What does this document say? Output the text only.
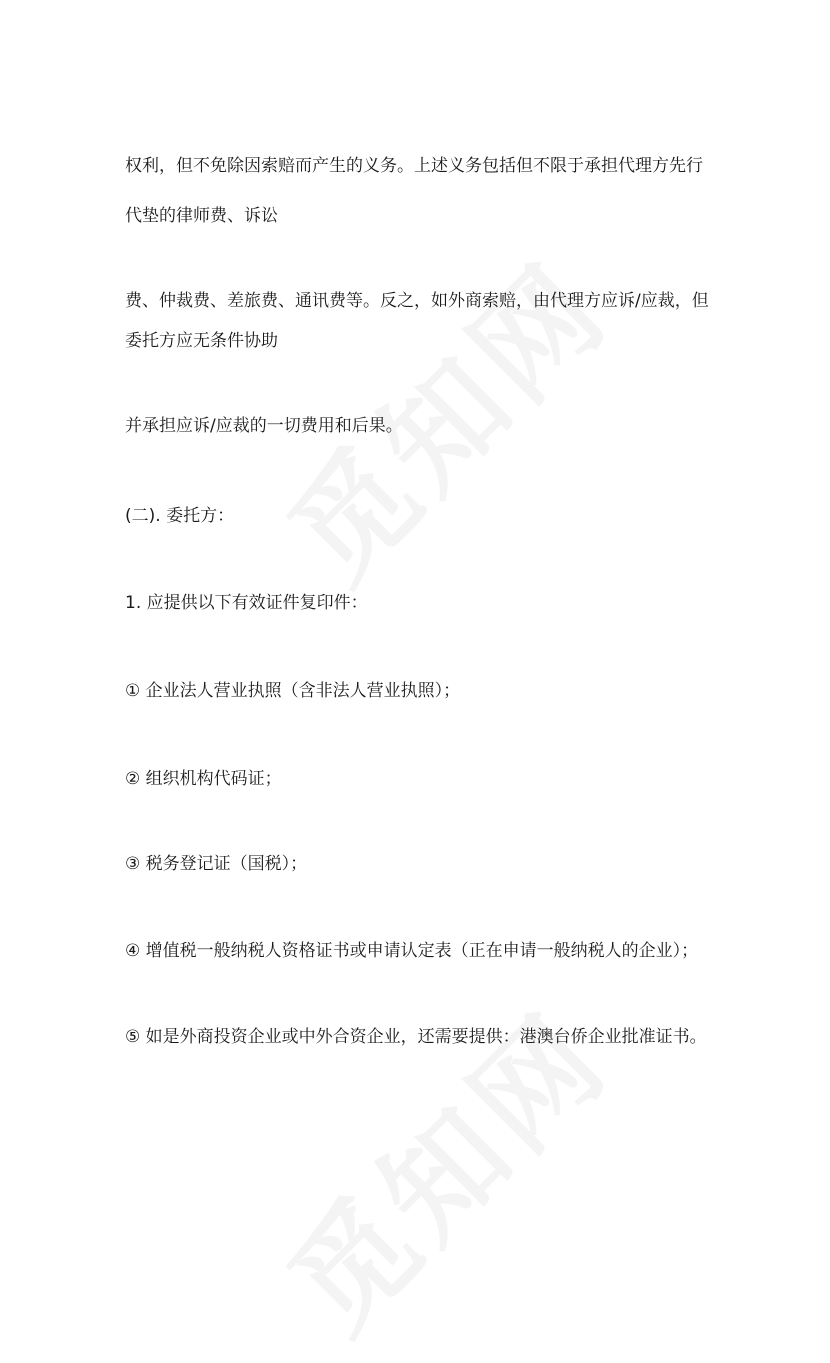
权利，但不免除因索赔而产生的义务。上述义务包括但不限于承担代理方先行
代垫的律师费、诉讼
费、仲裁费、差旅费、通讯费等。反之，如外商索赔，由代理方应诉/应裁，但
委托方应无条件协助
并承担应诉/应裁的一切费用和后果。
(二). 委托方：
1. 应提供以下有效证件复印件：
① 企业法人营业执照（含非法人营业执照）；
② 组织机构代码证；
③ 税务登记证（国税）；
④ 增值税一般纳税人资格证书或申请认定表（正在申请一般纳税人的企业）；
⑤ 如是外商投资企业或中外合资企业，还需要提供：港澳台侨企业批准证书。
